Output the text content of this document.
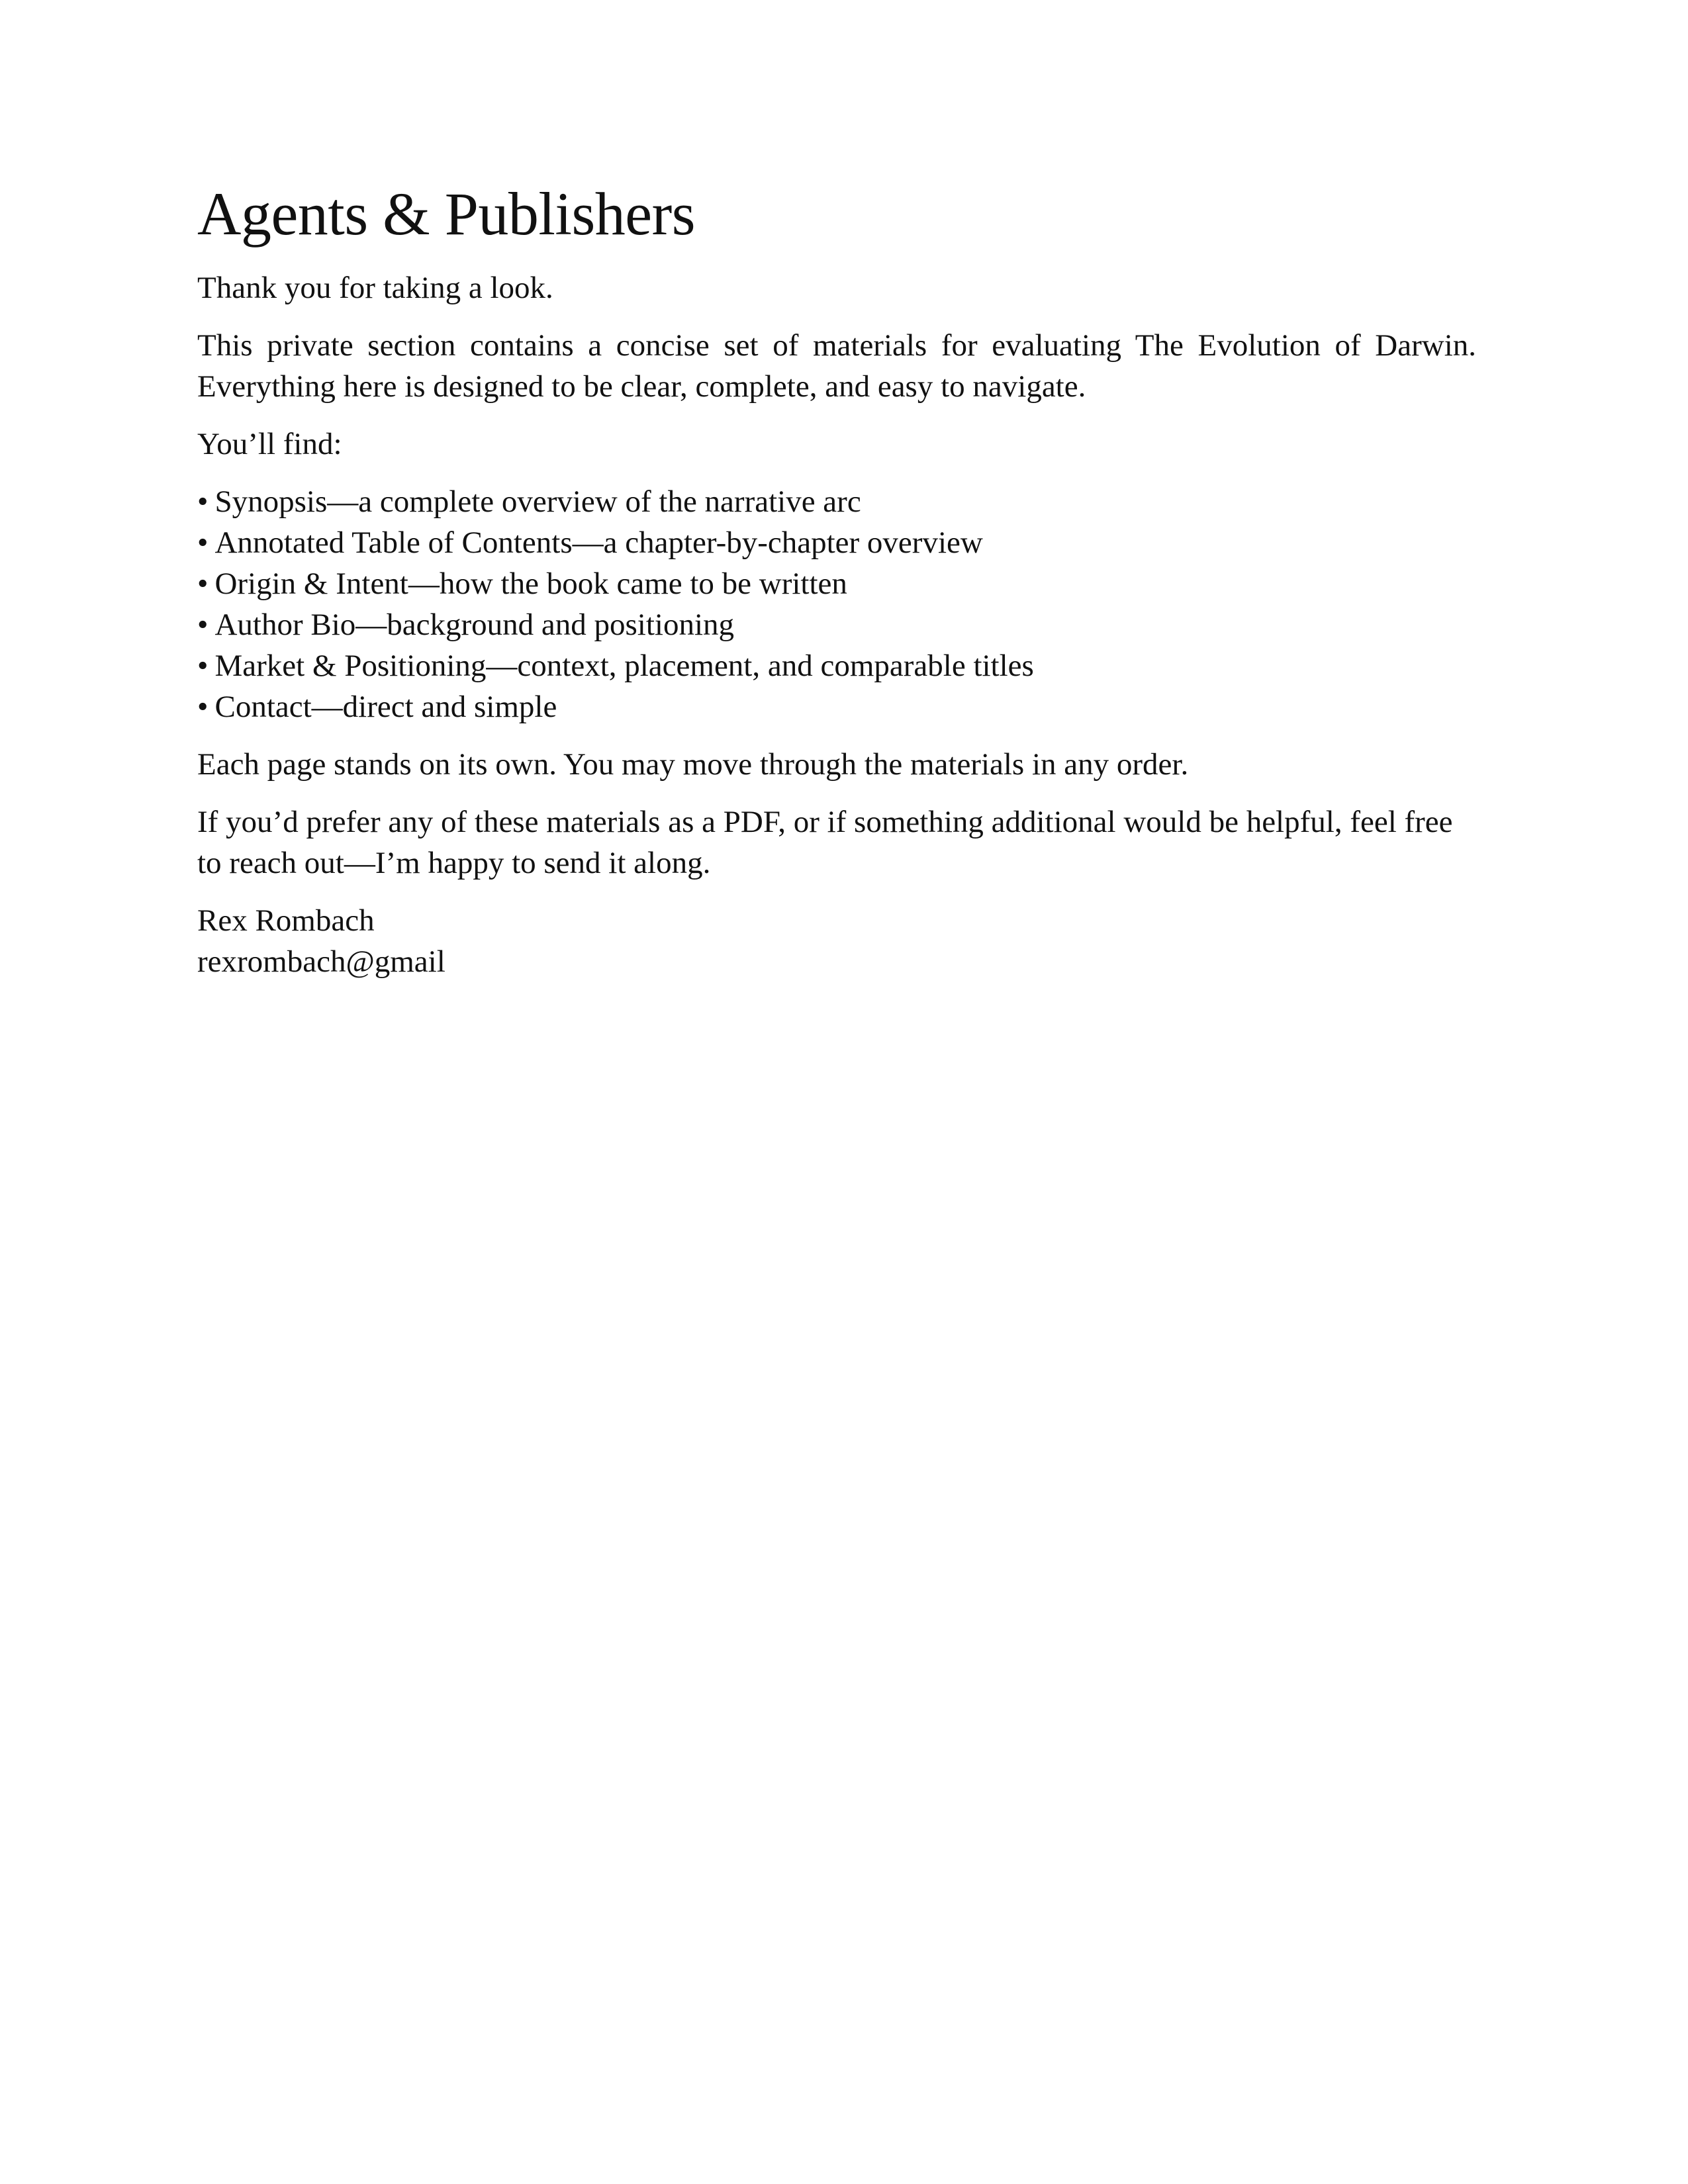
Agents & Publishers

Thank you for taking a look.

This private section contains a concise set of materials for evaluating The Evolution of Darwin. Everything here is designed to be clear, complete, and easy to navigate.

You’ll find:

• Synopsis—a complete overview of the narrative arc
• Annotated Table of Contents—a chapter-by-chapter overview
• Origin & Intent—how the book came to be written
• Author Bio—background and positioning
• Market & Positioning—context, placement, and comparable titles
• Contact—direct and simple

Each page stands on its own. You may move through the materials in any order.

If you’d prefer any of these materials as a PDF, or if something additional would be helpful, feel free to reach out—I’m happy to send it along.

Rex Rombach
rexrombach@gmail
